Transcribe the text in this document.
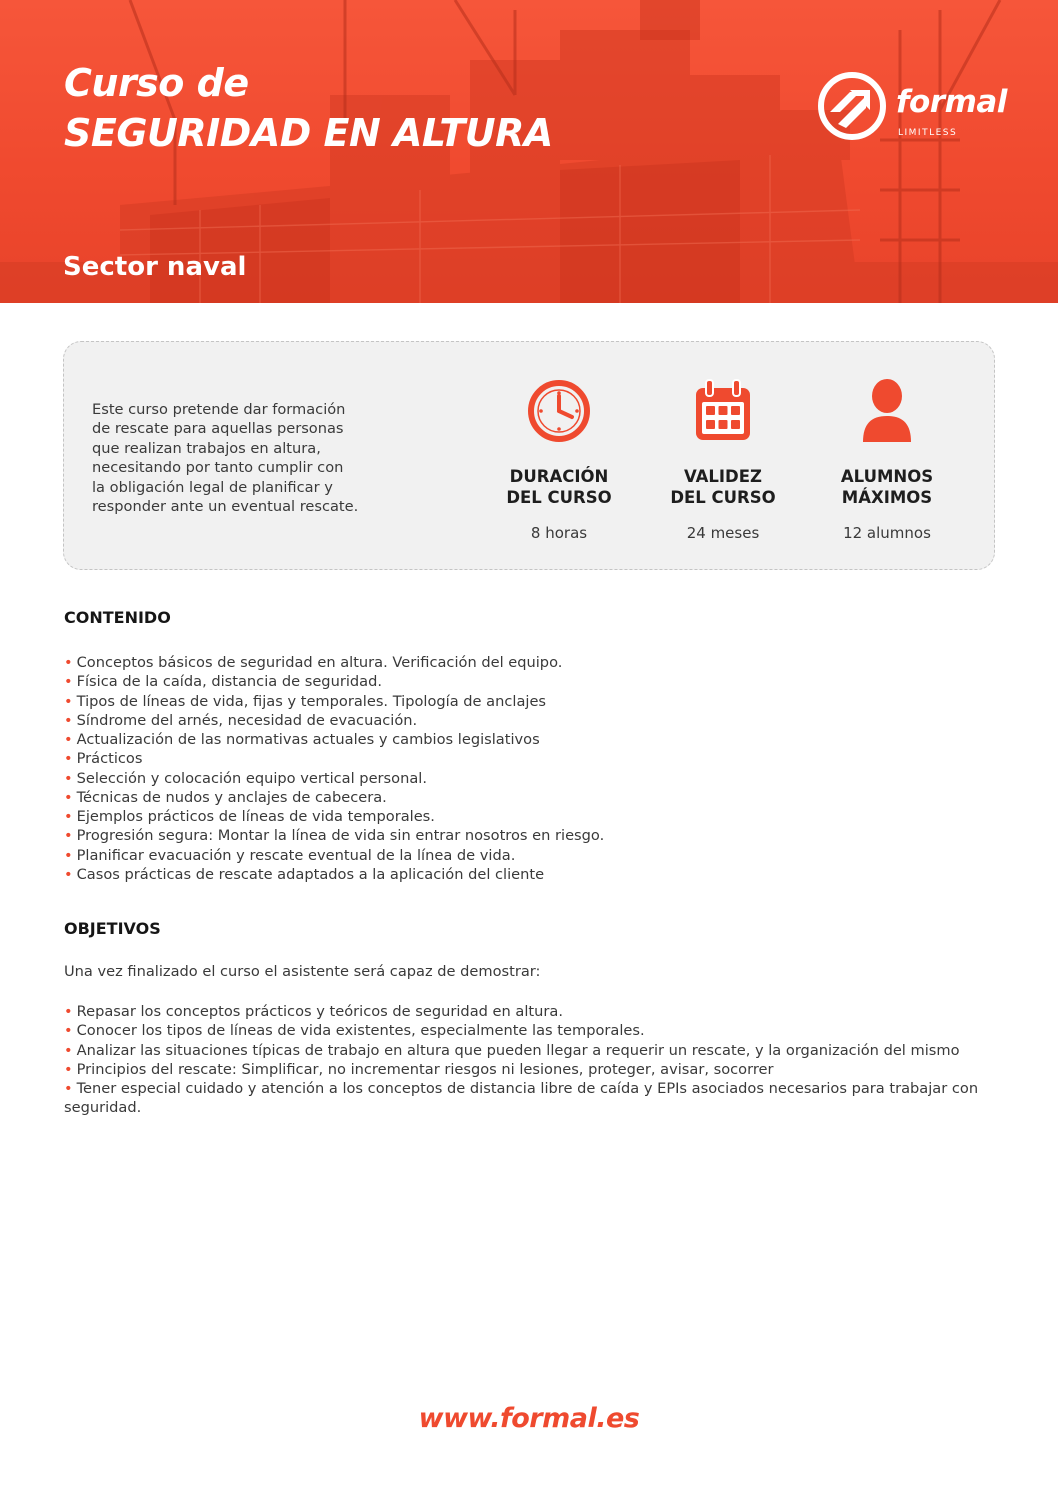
Curso de
SEGURIDAD EN ALTURA
Sector naval
formal
LIMITLESS
Este curso pretende dar formación
de rescate para aquellas personas
que realizan trabajos en altura,
necesitando por tanto cumplir con
la obligación legal de planificar y
responder ante un eventual rescate.
DURACIÓN
DEL CURSO
8 horas
VALIDEZ
DEL CURSO
24 meses
ALUMNOS
MÁXIMOS
12 alumnos
CONTENIDO
• Conceptos básicos de seguridad en altura. Verificación del equipo.
• Física de la caída, distancia de seguridad.
• Tipos de líneas de vida, fijas y temporales. Tipología de anclajes
• Síndrome del arnés, necesidad de evacuación.
• Actualización de las normativas actuales y cambios legislativos
• Prácticos
• Selección y colocación equipo vertical personal.
• Técnicas de nudos y anclajes de cabecera.
• Ejemplos prácticos de líneas de vida temporales.
• Progresión segura: Montar la línea de vida sin entrar nosotros en riesgo.
• Planificar evacuación y rescate eventual de la línea de vida.
• Casos prácticas de rescate adaptados a la aplicación del cliente
OBJETIVOS
Una vez finalizado el curso el asistente será capaz de demostrar:
• Repasar los conceptos prácticos y teóricos de seguridad en altura.
• Conocer los tipos de líneas de vida existentes, especialmente las temporales.
• Analizar las situaciones típicas de trabajo en altura que pueden llegar a requerir un rescate, y la organización del mismo
• Principios del rescate: Simplificar, no incrementar riesgos ni lesiones, proteger, avisar, socorrer
• Tener especial cuidado y atención a los conceptos de distancia libre de caída y EPIs asociados necesarios para trabajar con seguridad.
www.formal.es
